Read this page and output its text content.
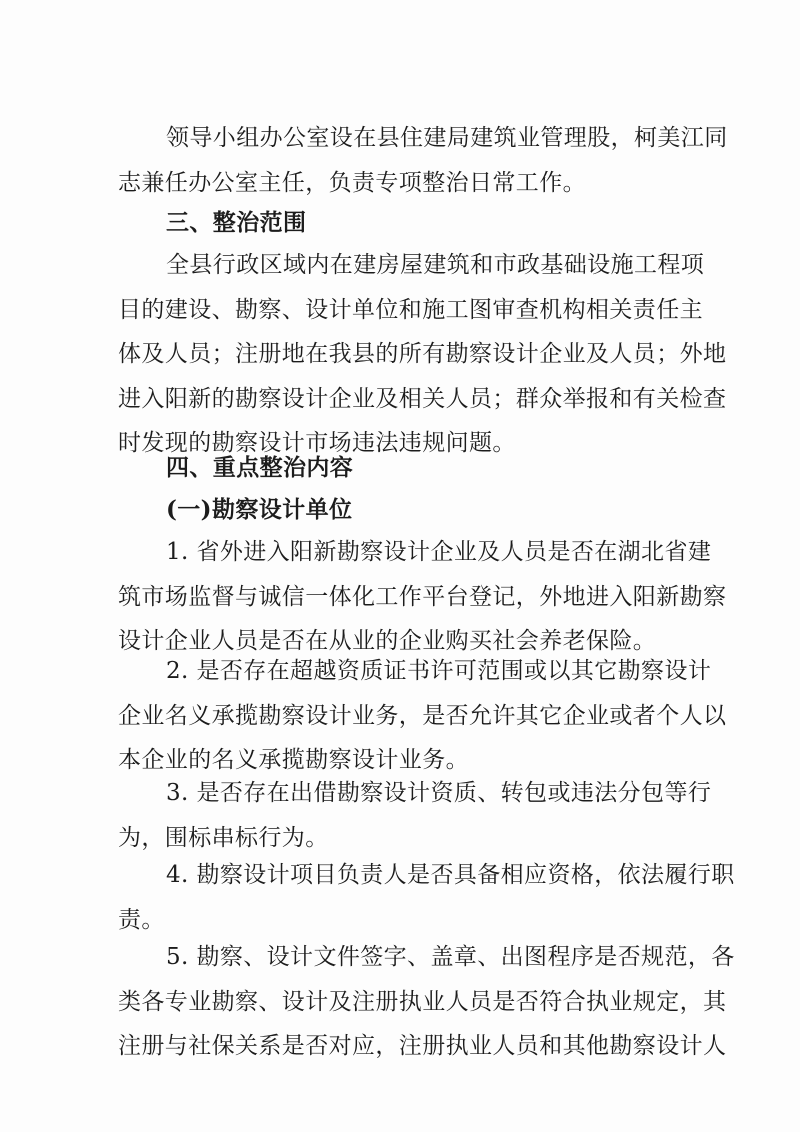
领导小组办公室设在县住建局建筑业管理股，柯美江同
志兼任办公室主任，负责专项整治日常工作。
三、整治范围
全县行政区域内在建房屋建筑和市政基础设施工程项
目的建设、勘察、设计单位和施工图审查机构相关责任主
体及人员；注册地在我县的所有勘察设计企业及人员；外地
进入阳新的勘察设计企业及相关人员；群众举报和有关检查
时发现的勘察设计市场违法违规问题。
四、重点整治内容
(一)勘察设计单位
1. 省外进入阳新勘察设计企业及人员是否在湖北省建
筑市场监督与诚信一体化工作平台登记，外地进入阳新勘察
设计企业人员是否在从业的企业购买社会养老保险。
2. 是否存在超越资质证书许可范围或以其它勘察设计
企业名义承揽勘察设计业务，是否允许其它企业或者个人以
本企业的名义承揽勘察设计业务。
3. 是否存在出借勘察设计资质、转包或违法分包等行
为，围标串标行为。
4. 勘察设计项目负责人是否具备相应资格，依法履行职
责。
5. 勘察、设计文件签字、盖章、出图程序是否规范，各
类各专业勘察、设计及注册执业人员是否符合执业规定，其
注册与社保关系是否对应，注册执业人员和其他勘察设计人
